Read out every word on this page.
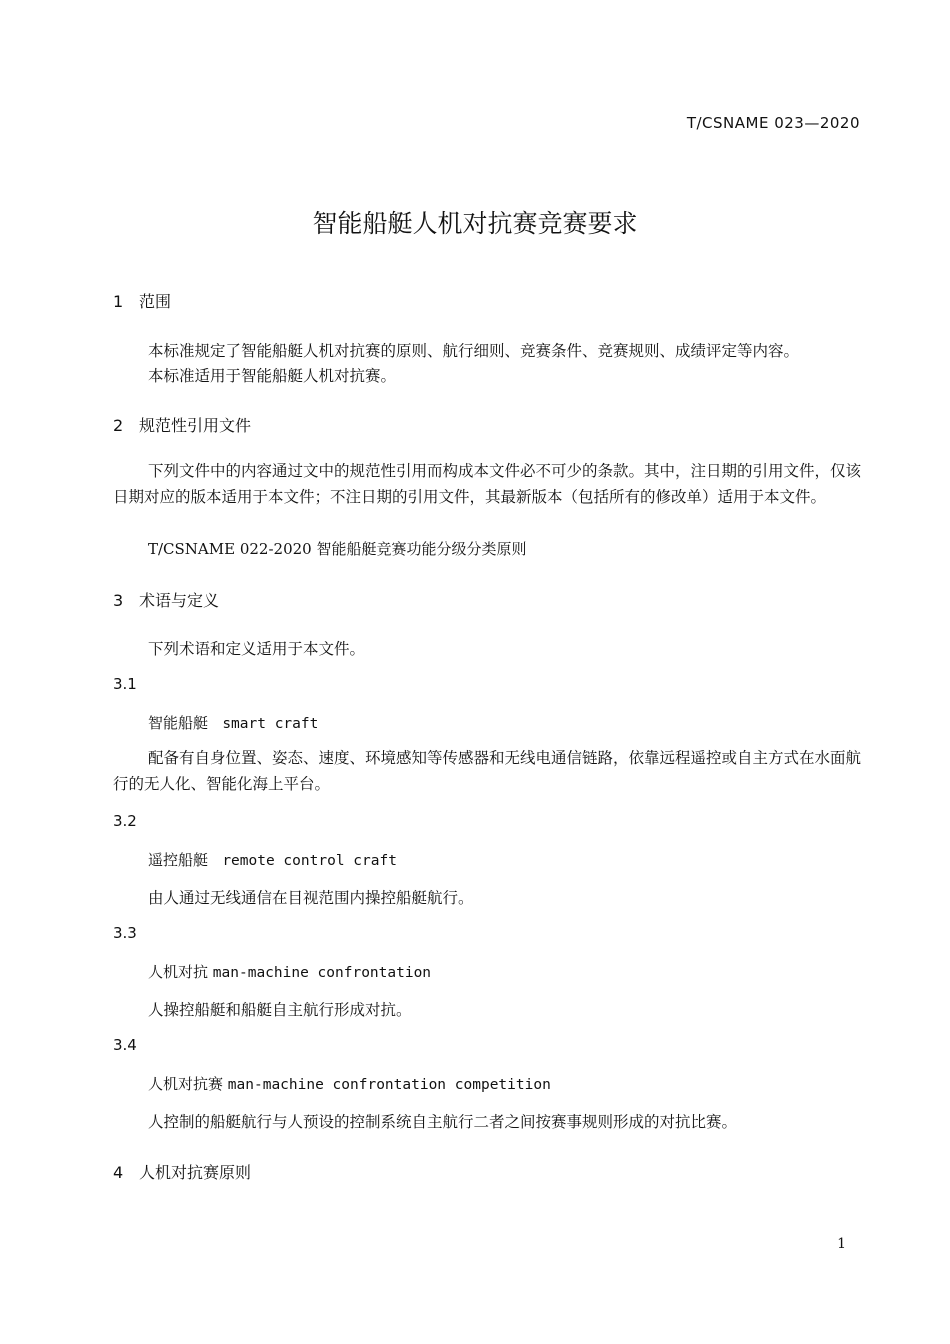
T/CSNAME 023—2020
智能船艇人机对抗赛竞赛要求
1 范围
本标准规定了智能船艇人机对抗赛的原则、航行细则、竞赛条件、竞赛规则、成绩评定等内容。
本标准适用于智能船艇人机对抗赛。
2 规范性引用文件
下列文件中的内容通过文中的规范性引用而构成本文件必不可少的条款。其中，注日期的引用文件，仅该日期对应的版本适用于本文件；不注日期的引用文件，其最新版本（包括所有的修改单）适用于本文件。
T/CSNAME 022-2020 智能船艇竞赛功能分级分类原则
3 术语与定义
下列术语和定义适用于本文件。
3.1
智能船艇 smart craft
配备有自身位置、姿态、速度、环境感知等传感器和无线电通信链路，依靠远程遥控或自主方式在水面航行的无人化、智能化海上平台。
3.2
遥控船艇 remote control craft
由人通过无线通信在目视范围内操控船艇航行。
3.3
人机对抗 man-machine confrontation
人操控船艇和船艇自主航行形成对抗。
3.4
人机对抗赛 man-machine confrontation competition
人控制的船艇航行与人预设的控制系统自主航行二者之间按赛事规则形成的对抗比赛。
4 人机对抗赛原则
1
